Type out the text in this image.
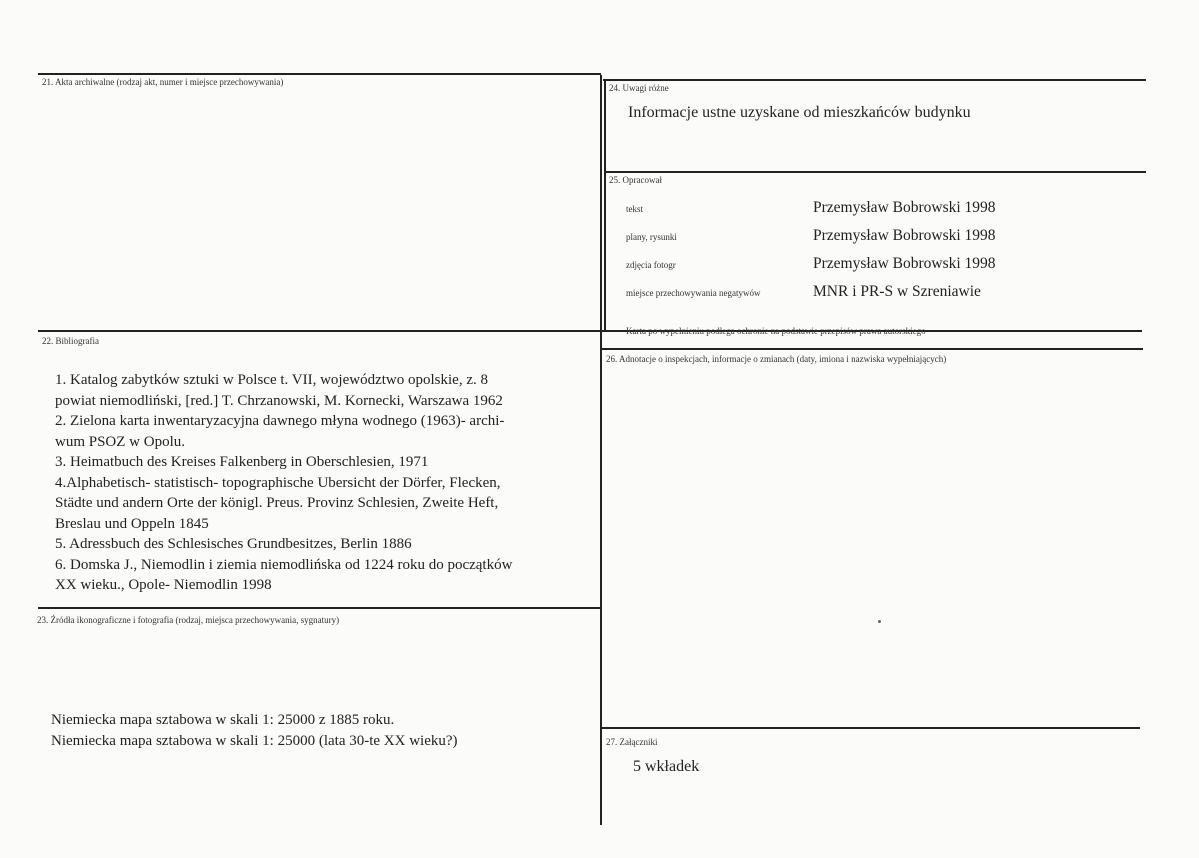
21. Akta archiwalne (rodzaj akt, numer i miejsce przechowywania)
24. Uwagi różne
Informacje ustne uzyskane od mieszkańców budynku
25. Opracował
tekst	Przemysław Bobrowski 1998
plany, rysunki	Przemysław Bobrowski 1998
zdjęcia fotogr	Przemysław Bobrowski 1998
miejsce przechowywania negatywów	MNR i PR-S w Szreniawie
Karta po wypełnieniu podlega ochronie na podstawie przepisów prawa autorskiego
22. Bibliografia
1. Katalog zabytków sztuki w Polsce t. VII, województwo opolskie, z. 8
powiat niemodliński, [red.] T. Chrzanowski, M. Kornecki, Warszawa 1962
2. Zielona karta inwentaryzacyjna dawnego młyna wodnego (1963)- archi-
wum PSOZ w Opolu.
3. Heimatbuch des Kreises Falkenberg in Oberschlesien, 1971
4.Alphabetisch- statistisch- topographische Ubersicht der Dörfer, Flecken,
Städte und andern Orte der königl. Preus. Provinz Schlesien, Zweite Heft,
Breslau und Oppeln 1845
5. Adressbuch des Schlesisches Grundbesitzes, Berlin 1886
6. Domska J., Niemodlin i ziemia niemodlińska od 1224 roku do początków
XX wieku., Opole- Niemodlin 1998
26. Adnotacje o inspekcjach, informacje o zmianach (daty, imiona i nazwiska wypełniających)
23. Źródła ikonograficzne i fotografia (rodzaj, miejsca przechowywania, sygnatury)
Niemiecka mapa sztabowa w skali 1: 25000 z 1885 roku.
Niemiecka mapa sztabowa w skali 1: 25000 (lata 30-te XX wieku?)	27. Załączniki
5 wkładek
